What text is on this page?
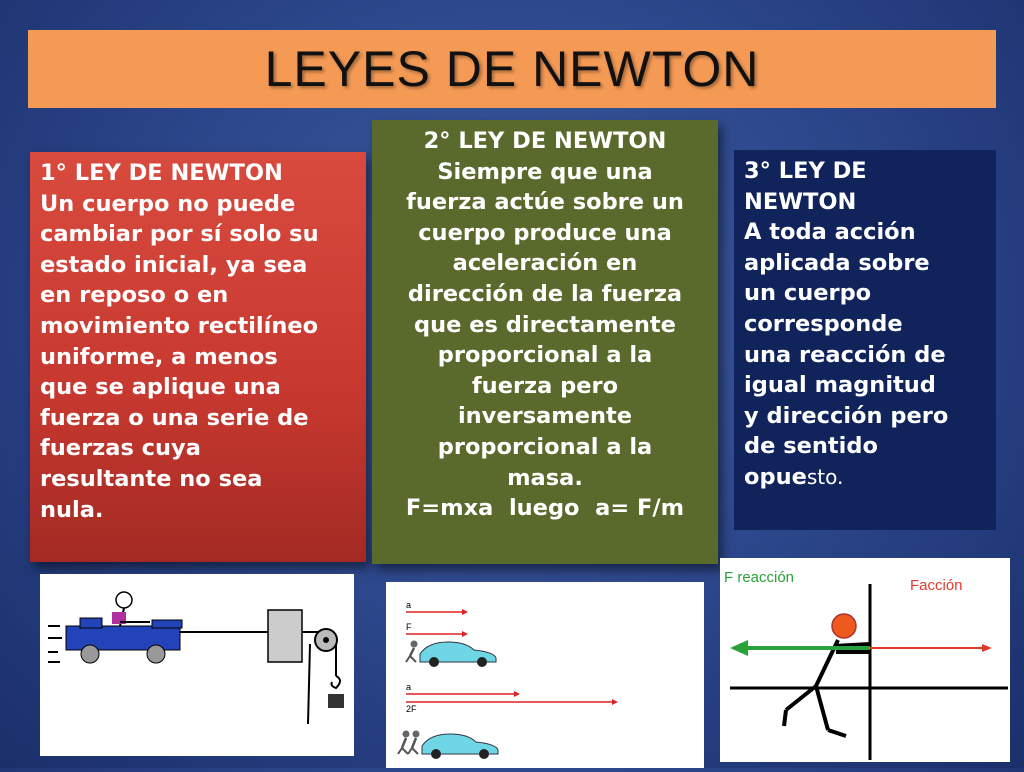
LEYES DE NEWTON
1° LEY DE NEWTON
Un cuerpo no puede
cambiar por sí solo su
estado inicial, ya sea
en reposo o en
movimiento rectilíneo
uniforme, a menos
que se aplique una
fuerza o una serie de
fuerzas cuya
resultante no sea
nula.
2° LEY DE NEWTON
Siempre que una
fuerza actúe sobre un
cuerpo produce una
aceleración en
dirección de la fuerza
que es directamente
proporcional a la
fuerza pero
inversamente
proporcional a la
masa.
F=mxa  luego  a= F/m
3° LEY DE
NEWTON
A toda acción
aplicada sobre
un cuerpo
corresponde
una reacción de
igual magnitud
y dirección pero
de sentido
opuesto.
a
F
a
2F
F reacción	Facción
